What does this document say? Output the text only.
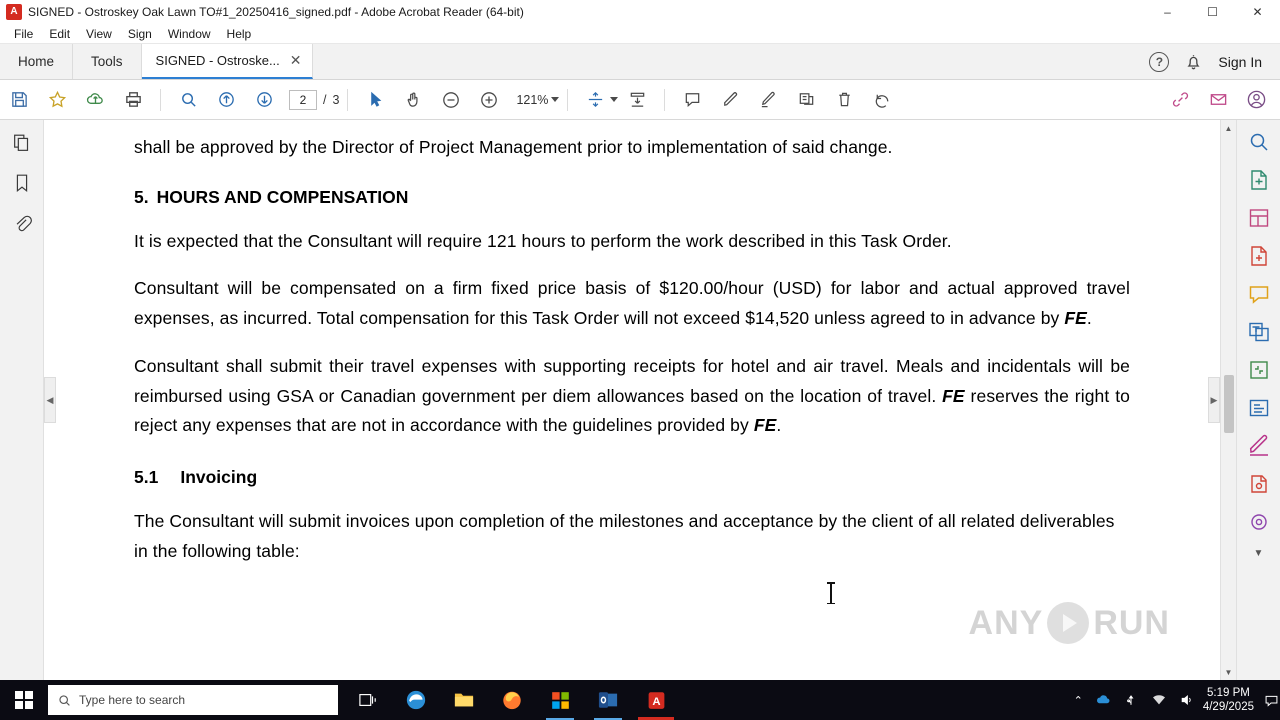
A SIGNED - Ostroskey Oak Lawn TO#1_20250416_signed.pdf - Adobe Acrobat Reader (64-bit)	–	☐	✕
File	Edit	View	Sign	Window	Help
Home	Tools	SIGNED - Ostroske... ✕	?	Sign In
2	/ 3	121%

shall be approved by the Director of Project Management prior to implementation of said change.

5. HOURS AND COMPENSATION

It is expected that the Consultant will require 121 hours to perform the work described in this Task Order.

Consultant will be compensated on a firm fixed price basis of $120.00/hour (USD) for labor and actual approved travel expenses, as incurred. Total compensation for this Task Order will not exceed $14,520 unless agreed to in advance by FE.

Consultant shall submit their travel expenses with supporting receipts for hotel and air travel. Meals and incidentals will be reimbursed using GSA or Canadian government per diem allowances based on the location of travel. FE reserves the right to reject any expenses that are not in accordance with the guidelines provided by FE.

5.1 Invoicing

The Consultant will submit invoices upon completion of the milestones and acceptance by the client of all related deliverables in the following table:

◀	▶
ANY RUN
▲
▼
▼
Type here to search	A	⌃
5:19 PM
4/29/2025
